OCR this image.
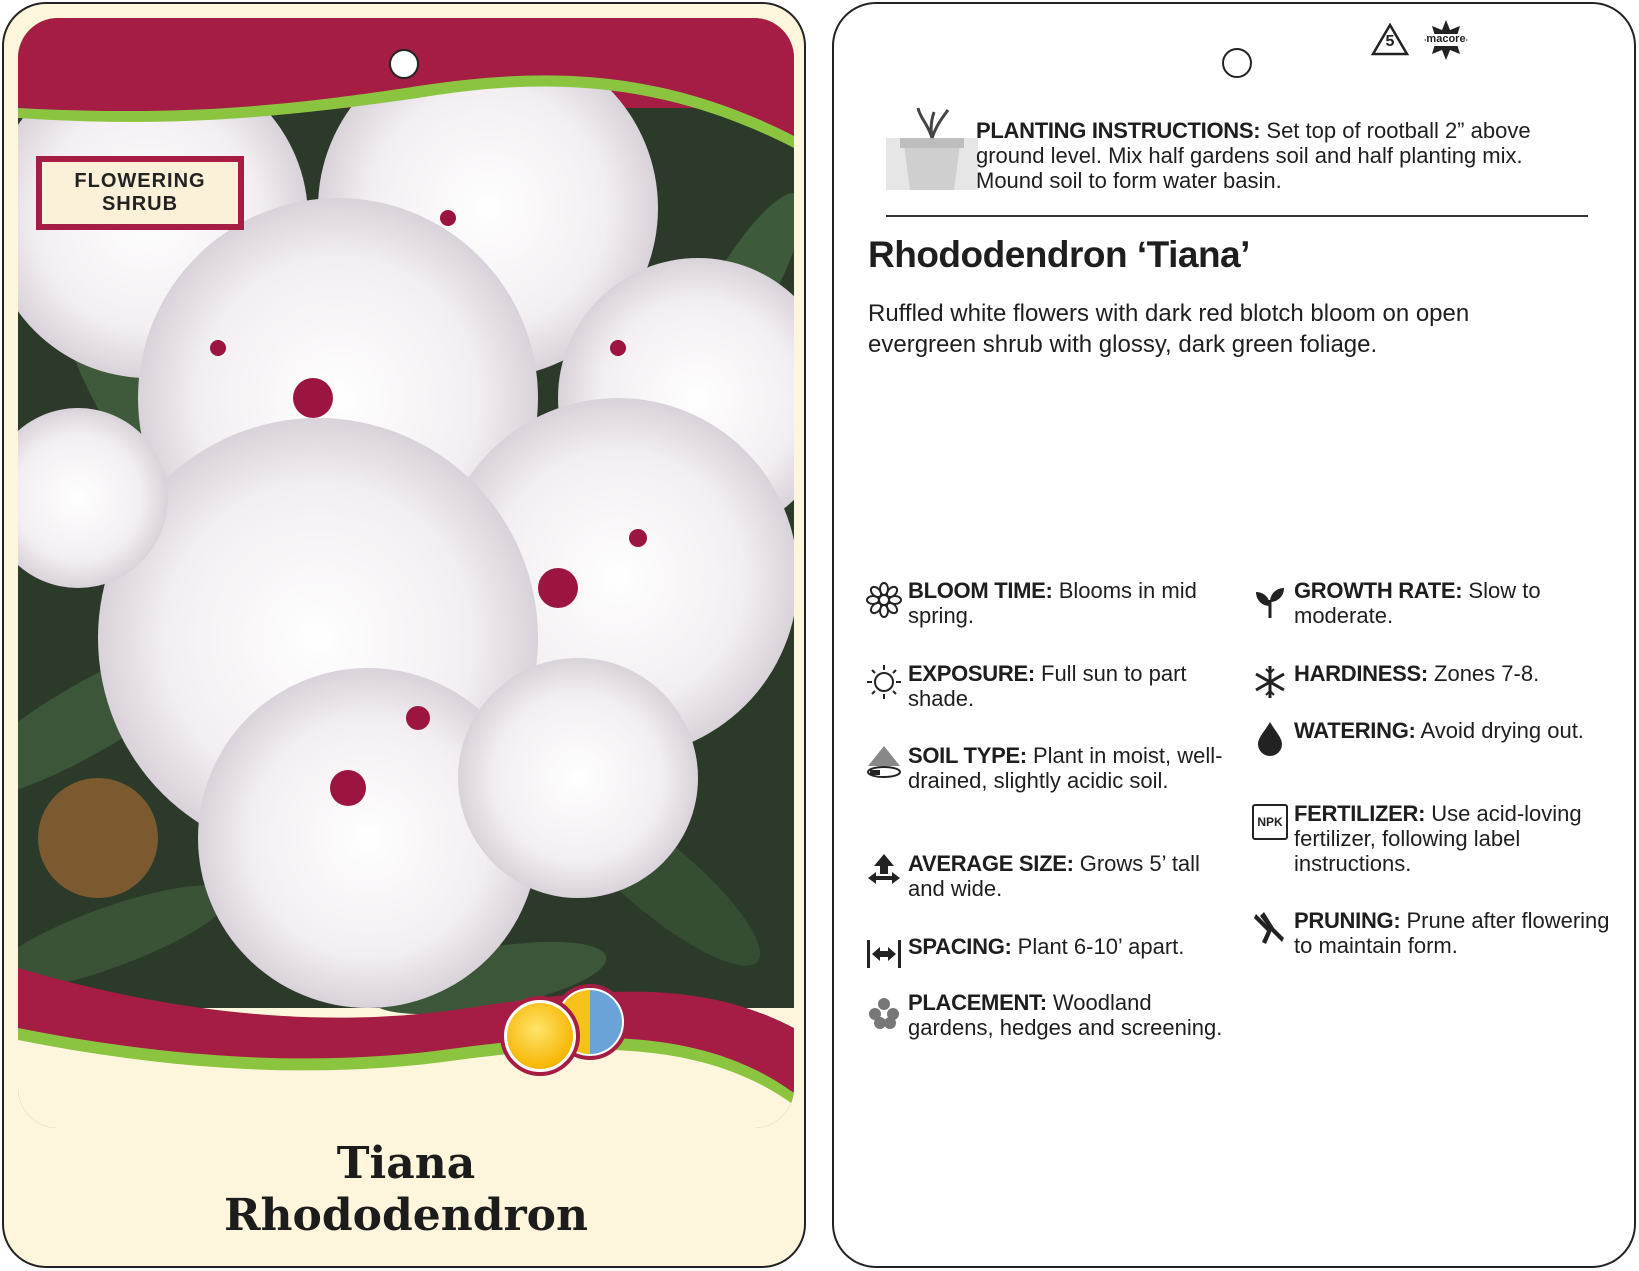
FLOWERING
SHRUB
Tiana
Rhododendron
5	macore
PLANTING INSTRUCTIONS: Set top of rootball 2” above ground level. Mix half gardens soil and half planting mix. Mound soil to form water basin.
Rhododendron ‘Tiana’
Ruffled white flowers with dark red blotch bloom on open evergreen shrub with glossy, dark green foliage.
BLOOM TIME: Blooms in mid spring.
EXPOSURE: Full sun to part shade.
SOIL TYPE: Plant in moist, well-drained, slightly acidic soil.
AVERAGE SIZE: Grows 5’ tall and wide.
SPACING: Plant 6-10’ apart.
PLACEMENT: Woodland gardens, hedges and screening.
GROWTH RATE: Slow to moderate.
HARDINESS: Zones 7-8.
WATERING: Avoid drying out.
NPK FERTILIZER: Use acid-loving fertilizer, following label instructions.
PRUNING: Prune after flowering to maintain form.
